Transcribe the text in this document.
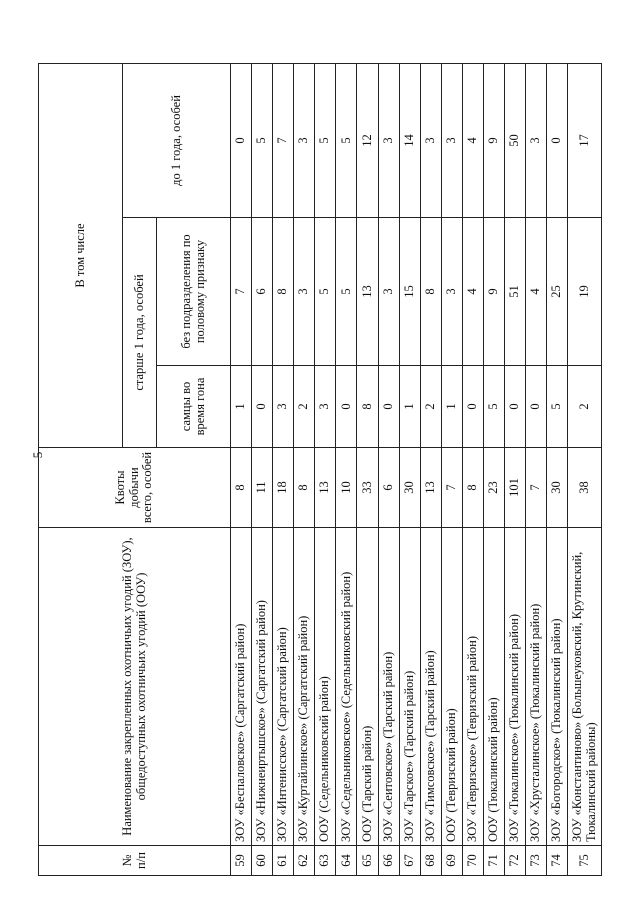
5
№ п/п	Наименование закрепленных охотничьих угодий (ЗОУ), общедоступных охотничьих угодий (ООУ)	Квоты добычи всего, особей	В том числе		
			старше 1 года, особей		до 1 года, особей
			самцы во время гона	без подразделения по половому признаку	
59	ЗОУ «Беспаловское» (Саргатский район)	8	1	7	0
60	ЗОУ «Нижнеиртышское» (Саргатский район)	11	0	6	5
61	ЗОУ «Интенисское» (Саргатский район)	18	3	8	7
62	ЗОУ «Куртайлинское» (Саргатский район)	8	2	3	3
63	ООУ (Седельниковский район)	13	3	5	5
64	ЗОУ «Седельниковское» (Седельниковский район)	10	0	5	5
65	ООУ (Тарский район)	33	8	13	12
66	ЗОУ «Сеитовское» (Тарский район)	6	0	3	3
67	ЗОУ «Тарское» (Тарский район)	30	1	15	14
68	ЗОУ «Тимсовское» (Тарский район)	13	2	8	3
69	ООУ (Тевризский район)	7	1	3	3
70	ЗОУ «Тевризское» (Тевризский район)	8	0	4	4
71	ООУ (Тюкалинский район)	23	5	9	9
72	ЗОУ «Тюкалинское» (Тюкалинский район)	101	0	51	50
73	ЗОУ «Хрусталинское» (Тюкалинский район)	7	0	4	3
74	ЗОУ «Богородское» (Тюкалинский район)	30	5	25	0
75	ЗОУ «Константиново» (Большеуковский, Крутинский, Тюкалинский районы)	38	2	19	17
